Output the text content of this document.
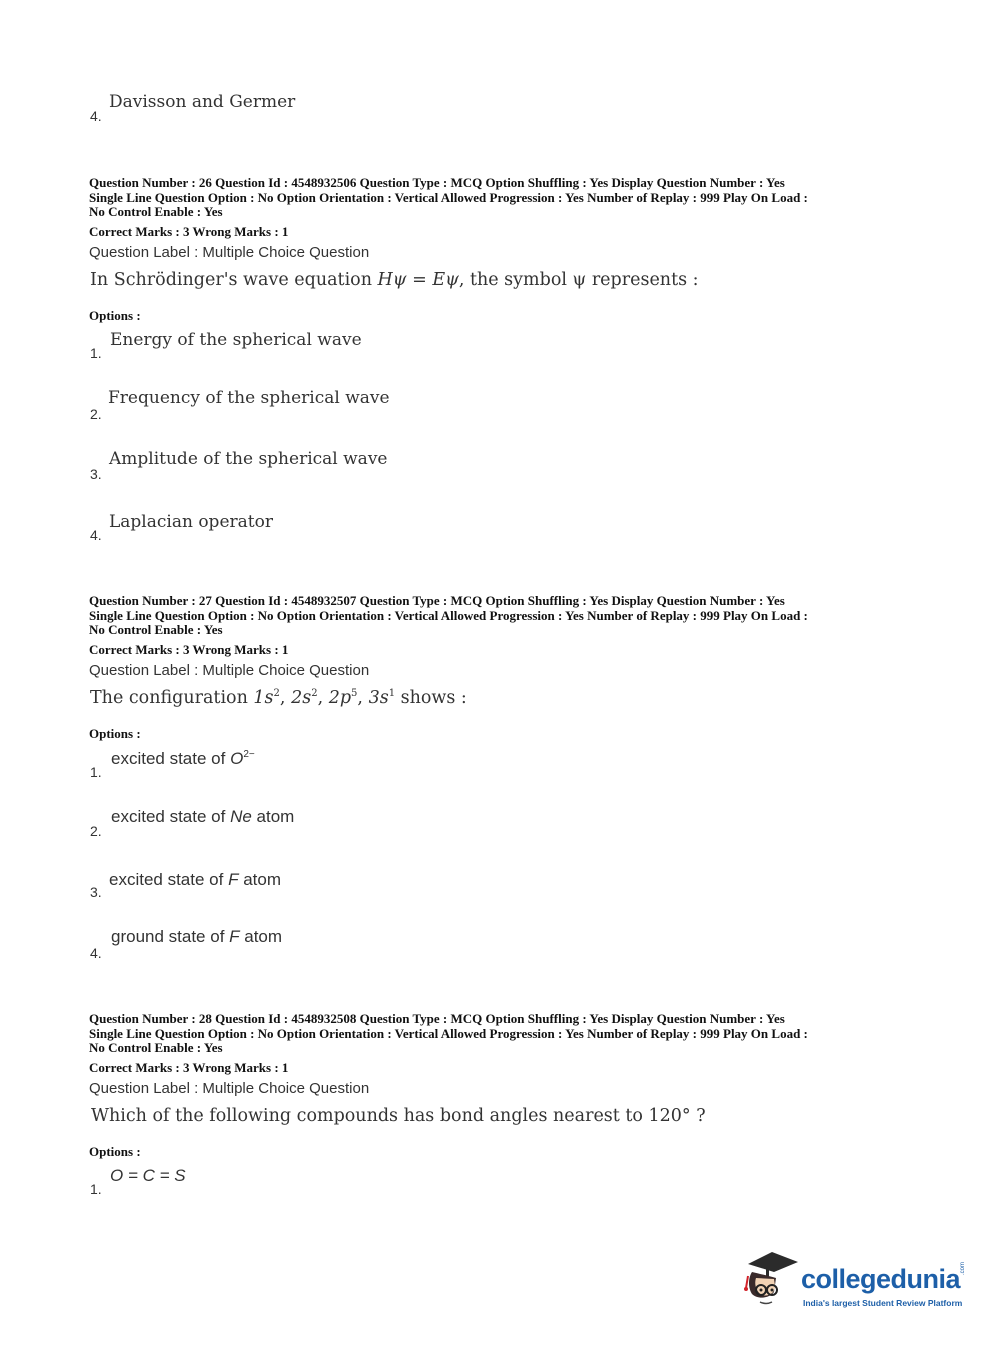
4.
Davisson and Germer
Question Number : 26 Question Id : 4548932506 Question Type : MCQ Option Shuffling : Yes Display Question Number : Yes
Single Line Question Option : No Option Orientation : Vertical Allowed Progression : Yes Number of Replay : 999 Play On Load :
No Control Enable : Yes
Correct Marks : 3 Wrong Marks : 1
Question Label : Multiple Choice Question
In Schrödinger's wave equation Hψ = Eψ, the symbol ψ represents :
Options :
1.
Energy of the spherical wave
2.
Frequency of the spherical wave
3.
Amplitude of the spherical wave
4.
Laplacian operator
Question Number : 27 Question Id : 4548932507 Question Type : MCQ Option Shuffling : Yes Display Question Number : Yes
Single Line Question Option : No Option Orientation : Vertical Allowed Progression : Yes Number of Replay : 999 Play On Load :
No Control Enable : Yes
Correct Marks : 3 Wrong Marks : 1
Question Label : Multiple Choice Question
The configuration $1s^2$, $2s^2$, $2p^5$, $3s^1$ shows :
Options :
1.
excited state of $O^{2-}$
2.
excited state of Ne atom
3.
excited state of F atom
4.
ground state of F atom
Question Number : 28 Question Id : 4548932508 Question Type : MCQ Option Shuffling : Yes Display Question Number : Yes
Single Line Question Option : No Option Orientation : Vertical Allowed Progression : Yes Number of Replay : 999 Play On Load :
No Control Enable : Yes
Correct Marks : 3 Wrong Marks : 1
Question Label : Multiple Choice Question
Which of the following compounds has bond angles nearest to 120° ?
Options :
1.
O = C = S
collegedunia .com
India's largest Student Review Platform
